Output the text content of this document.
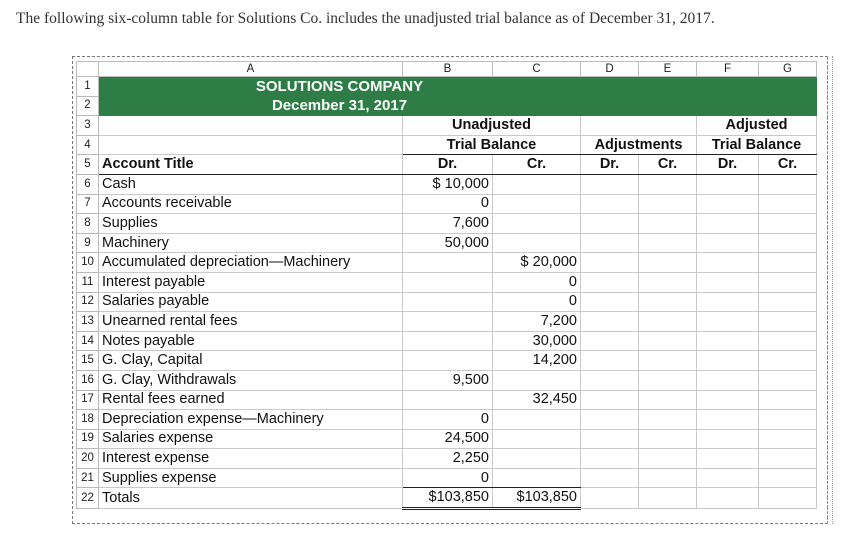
The following six-column table for Solutions Co. includes the unadjusted trial balance as of December 31, 2017.
	A	B	C	D	E	F	G
1	SOLUTIONS COMPANY						
2	December 31, 2017						
3		Unadjusted				Adjusted	
4		Trial Balance		Adjustments		Trial Balance	
5	Account Title	Dr.	Cr.	Dr.	Cr.	Dr.	Cr.
6	Cash	$ 10,000					
7	Accounts receivable	0					
8	Supplies	7,600					
9	Machinery	50,000					
10	Accumulated depreciation—Machinery		$ 20,000				
11	Interest payable		0				
12	Salaries payable		0				
13	Unearned rental fees		7,200				
14	Notes payable		30,000				
15	G. Clay, Capital		14,200				
16	G. Clay, Withdrawals	9,500					
17	Rental fees earned		32,450				
18	Depreciation expense—Machinery	0					
19	Salaries expense	24,500					
20	Interest expense	2,250					
21	Supplies expense	0					
22	Totals	$103,850	$103,850				
